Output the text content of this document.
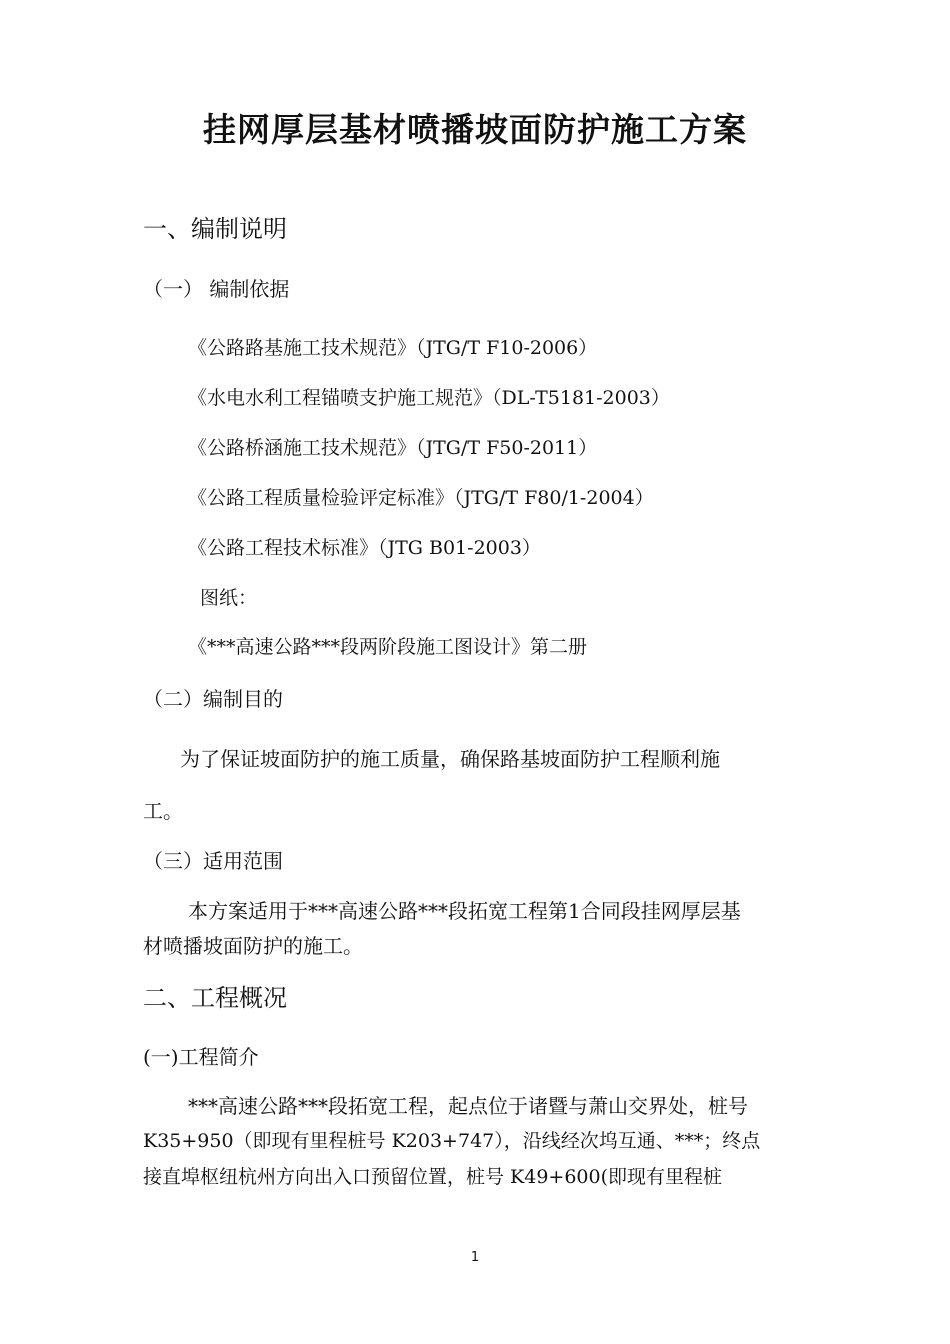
挂网厚层基材喷播坡面防护施工方案
一、编制说明
（一） 编制依据
《公路路基施工技术规范》（JTG/T F10-2006）
《水电水利工程锚喷支护施工规范》（DL-T5181-2003）
《公路桥涵施工技术规范》（JTG/T F50-2011）
《公路工程质量检验评定标准》（JTG/T F80/1-2004）
《公路工程技术标准》（JTG B01-2003）
图纸：
《***高速公路***段两阶段施工图设计》第二册
（二）编制目的
为了保证坡面防护的施工质量，确保路基坡面防护工程顺利施
工。
（三）适用范围
本方案适用于***高速公路***段拓宽工程第1合同段挂网厚层基
材喷播坡面防护的施工。
二、工程概况
(一)工程简介
***高速公路***段拓宽工程，起点位于诸暨与萧山交界处，桩号
K35+950（即现有里程桩号 K203+747），沿线经次坞互通、***；终点
接直埠枢纽杭州方向出入口预留位置，桩号 K49+600(即现有里程桩
1
